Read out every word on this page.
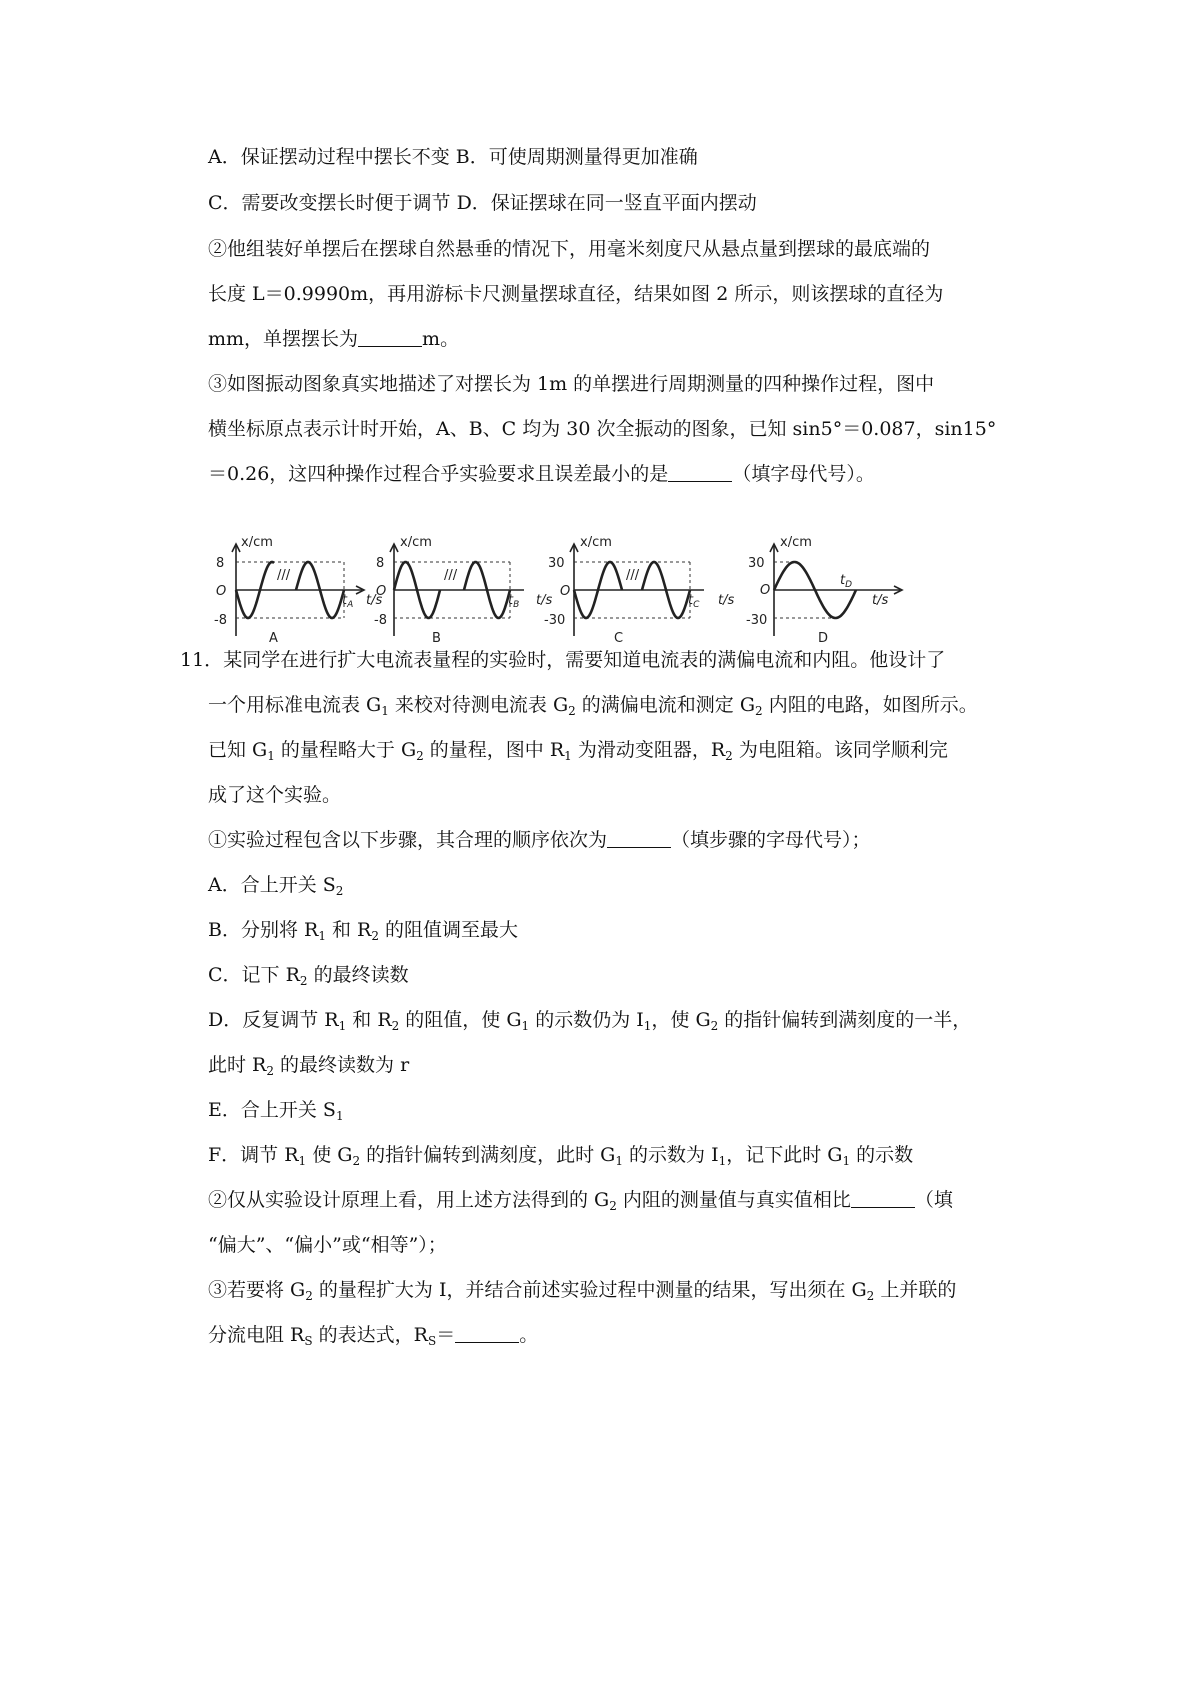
A．保证摆动过程中摆长不变 B．可使周期测量得更加准确
C．需要改变摆长时便于调节 D．保证摆球在同一竖直平面内摆动
②他组装好单摆后在摆球自然悬垂的情况下，用毫米刻度尺从悬点量到摆球的最底端的
长度 L＝0.9990m，再用游标卡尺测量摆球直径，结果如图 2 所示，则该摆球的直径为
mm，单摆摆长为	m。
③如图振动图象真实地描述了对摆长为 1m 的单摆进行周期测量的四种操作过程，图中
横坐标原点表示计时开始，A、B、C 均为 30 次全振动的图象，已知 sin5°＝0.087，sin15°
＝0.26，这四种操作过程合乎实验要求且误差最小的是	（填字母代号）。
x/cm
8
O
-8
$t_A$
A
///
t/s
x/cm
8
O
-8
$t_B$
B
///
t/s
x/cm
30
O
-30
$t_C$
C
///
t/s
x/cm
30
O
-30
$t_D$
t/s
D
11．某同学在进行扩大电流表量程的实验时，需要知道电流表的满偏电流和内阻。他设计了
一个用标准电流表 $G_1$ 来校对待测电流表 $G_2$ 的满偏电流和测定 $G_2$ 内阻的电路，如图所示。
已知 $G_1$ 的量程略大于 $G_2$ 的量程，图中 $R_1$ 为滑动变阻器，$R_2$ 为电阻箱。该同学顺利完
成了这个实验。
①实验过程包含以下步骤，其合理的顺序依次为	（填步骤的字母代号）；
A．合上开关 $S_2$
B．分别将 $R_1$ 和 $R_2$ 的阻值调至最大
C．记下 $R_2$ 的最终读数
D．反复调节 $R_1$ 和 $R_2$ 的阻值，使 $G_1$ 的示数仍为 $I_1$，使 $G_2$ 的指针偏转到满刻度的一半，
此时 $R_2$ 的最终读数为 r
E．合上开关 $S_1$
F．调节 $R_1$ 使 $G_2$ 的指针偏转到满刻度，此时 $G_1$ 的示数为 $I_1$，记下此时 $G_1$ 的示数
②仅从实验设计原理上看，用上述方法得到的 $G_2$ 内阻的测量值与真实值相比	（填
“偏大”、“偏小”或“相等”）；
③若要将 $G_2$ 的量程扩大为 I，并结合前述实验过程中测量的结果，写出须在 $G_2$ 上并联的
分流电阻 $R_S$ 的表达式，$R_S=$	。
